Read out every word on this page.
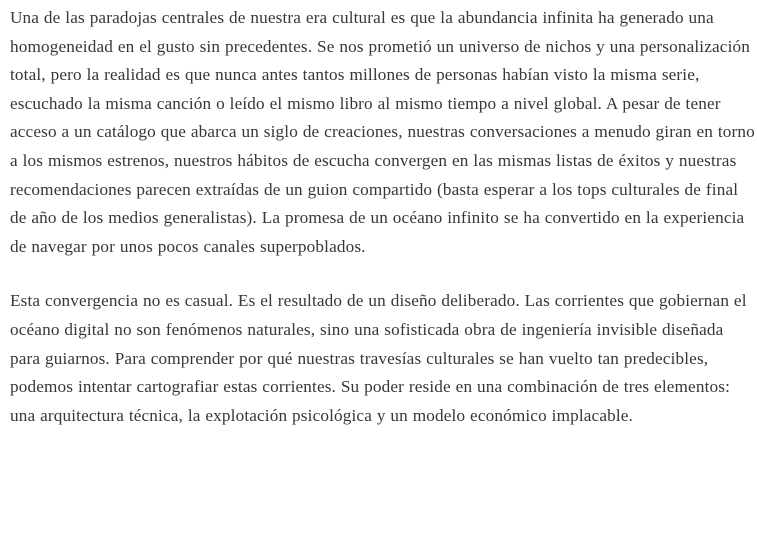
Una de las paradojas centrales de nuestra era cultural es que la abundancia infinita ha generado una homogeneidad en el gusto sin precedentes. Se nos prometió un universo de nichos y una personalización total, pero la realidad es que nunca antes tantos millones de personas habían visto la misma serie, escuchado la misma canción o leído el mismo libro al mismo tiempo a nivel global. A pesar de tener acceso a un catálogo que abarca un siglo de creaciones, nuestras conversaciones a menudo giran en torno a los mismos estrenos, nuestros hábitos de escucha convergen en las mismas listas de éxitos y nuestras recomendaciones parecen extraídas de un guion compartido (basta esperar a los tops culturales de final de año de los medios generalistas). La promesa de un océano infinito se ha convertido en la experiencia de navegar por unos pocos canales superpoblados.

Esta convergencia no es casual. Es el resultado de un diseño deliberado. Las corrientes que gobiernan el océano digital no son fenómenos naturales, sino una sofisticada obra de ingeniería invisible diseñada para guiarnos. Para comprender por qué nuestras travesías culturales se han vuelto tan predecibles, podemos intentar cartografiar estas corrientes. Su poder reside en una combinación de tres elementos: una arquitectura técnica, la explotación psicológica y un modelo económico implacable.
